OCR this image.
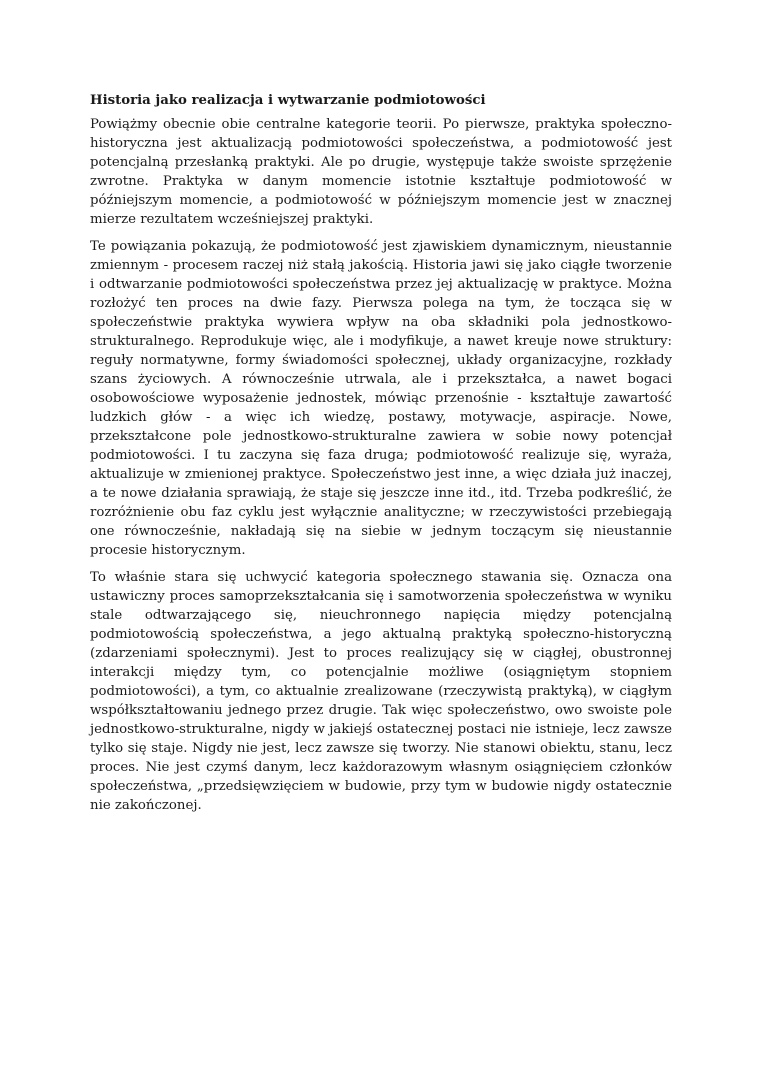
Historia jako realizacja i wytwarzanie podmiotowości

Powiążmy obecnie obie centralne kategorie teorii. Po pierwsze, praktyka społeczno-historyczna jest aktualizacją podmiotowości społeczeństwa, a podmiotowość jest potencjalną przesłanką praktyki. Ale po drugie, występuje także swoiste sprzężenie zwrotne. Praktyka w danym momencie istotnie kształtuje podmiotowość w późniejszym momencie, a podmiotowość w późniejszym momencie jest w znacznej mierze rezultatem wcześniejszej praktyki.

Te powiązania pokazują, że podmiotowość jest zjawiskiem dynamicznym, nieustannie zmiennym - procesem raczej niż stałą jakością. Historia jawi się jako ciągłe tworzenie i odtwarzanie podmiotowości społeczeństwa przez jej aktualizację w praktyce. Można rozłożyć ten proces na dwie fazy. Pierwsza polega na tym, że tocząca się w społeczeństwie praktyka wywiera wpływ na oba składniki pola jednostkowo-strukturalnego. Reprodukuje więc, ale i modyfikuje, a nawet kreuje nowe struktury: reguły normatywne, formy świadomości społecznej, układy organizacyjne, rozkłady szans życiowych. A równocześnie utrwala, ale i przekształca, a nawet bogaci osobowościowe wyposażenie jednostek, mówiąc przenośnie - kształtuje zawartość ludzkich głów - a więc ich wiedzę, postawy, motywacje, aspiracje. Nowe, przekształcone pole jednostkowo-strukturalne zawiera w sobie nowy potencjał podmiotowości. I tu zaczyna się faza druga; podmiotowość realizuje się, wyraża, aktualizuje w zmienionej praktyce. Społeczeństwo jest inne, a więc działa już inaczej, a te nowe działania sprawiają, że staje się jeszcze inne itd., itd. Trzeba podkreślić, że rozróżnienie obu faz cyklu jest wyłącznie analityczne; w rzeczywistości przebiegają one równocześnie, nakładają się na siebie w jednym toczącym się nieustannie procesie historycznym.

To właśnie stara się uchwycić kategoria społecznego stawania się. Oznacza ona ustawiczny proces samoprzekształcania się i samotworzenia społeczeństwa w wyniku stale odtwarzającego się, nieuchronnego napięcia między potencjalną podmiotowością społeczeństwa, a jego aktualną praktyką społeczno-historyczną (zdarzeniami społecznymi). Jest to proces realizujący się w ciągłej, obustronnej interakcji między tym, co potencjalnie możliwe (osiągniętym stopniem podmiotowości), a tym, co aktualnie zrealizowane (rzeczywistą praktyką), w ciągłym współkształtowaniu jednego przez drugie. Tak więc społeczeństwo, owo swoiste pole jednostkowo-strukturalne, nigdy w jakiejś ostatecznej postaci nie istnieje, lecz zawsze tylko się staje. Nigdy nie jest, lecz zawsze się tworzy. Nie stanowi obiektu, stanu, lecz proces. Nie jest czymś danym, lecz każdorazowym własnym osiągnięciem członków społeczeństwa, „przedsięwzięciem w budowie, przy tym w budowie nigdy ostatecznie nie zakończonej.
